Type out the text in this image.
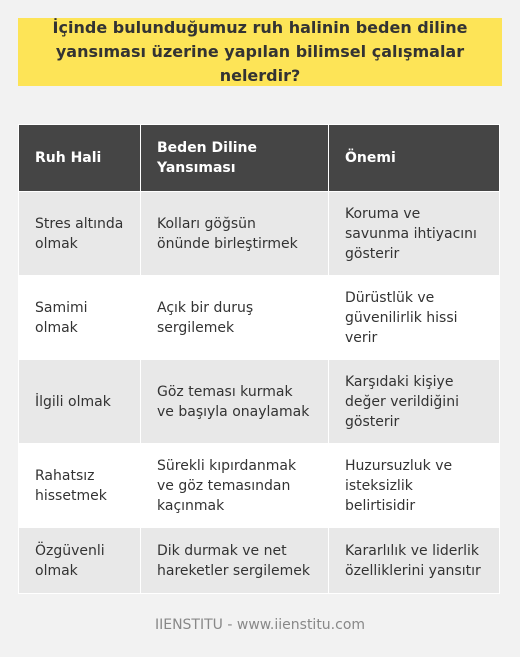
İçinde bulunduğumuz ruh halinin beden diline yansıması üzerine yapılan bilimsel çalışmalar nelerdir?
Ruh Hali	Beden Diline Yansıması	Önemi
Stres altında olmak	Kolları göğsün önünde birleştirmek	Koruma ve savunma ihtiyacını gösterir
Samimi olmak	Açık bir duruş sergilemek	Dürüstlük ve güvenilirlik hissi verir
İlgili olmak	Göz teması kurmak ve başıyla onaylamak	Karşıdaki kişiye değer verildiğini gösterir
Rahatsız hissetmek	Sürekli kıpırdanmak ve göz temasından kaçınmak	Huzursuzluk ve isteksizlik belirtisidir
Özgüvenli olmak	Dik durmak ve net hareketler sergilemek	Kararlılık ve liderlik özelliklerini yansıtır
IIENSTITU - www.iienstitu.com
